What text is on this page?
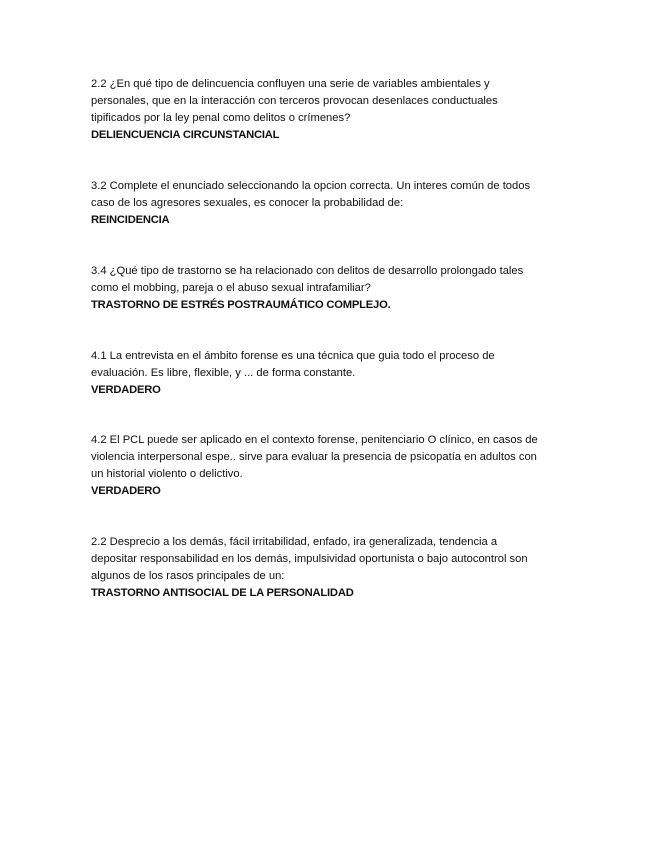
2.2 ¿En qué tipo de delincuencia confluyen una serie de variables ambientales y
personales, que en la interacción con terceros provocan desenlaces conductuales
tipificados por la ley penal como delitos o crímenes?

DELIENCUENCIA CIRCUNSTANCIAL

3.2 Complete el enunciado seleccionando la opcion correcta. Un interes común de todos
caso de los agresores sexuales, es conocer la probabilidad de:

REINCIDENCIA

3.4 ¿Qué tipo de trastorno se ha relacionado con delitos de desarrollo prolongado tales
como el mobbing, pareja o el abuso sexual intrafamiliar?

TRASTORNO DE ESTRÉS POSTRAUMÁTICO COMPLEJO.

4.1 La entrevista en el ámbito forense es una técnica que guia todo el proceso de
evaluación. Es libre, flexible, y ... de forma constante.

VERDADERO

4.2 El PCL puede ser aplicado en el contexto forense, penitenciario O clínico, en casos de
violencia interpersonal espe.. sirve para evaluar la presencia de psicopatía en adultos con
un historial violento o delictivo.

VERDADERO

2.2 Desprecio a los demás, fácil irritabilidad, enfado, ira generalizada, tendencia a
depositar responsabilidad en los demás, impulsividad oportunista o bajo autocontrol son
algunos de los rasos principales de un:

TRASTORNO ANTISOCIAL DE LA PERSONALIDAD
